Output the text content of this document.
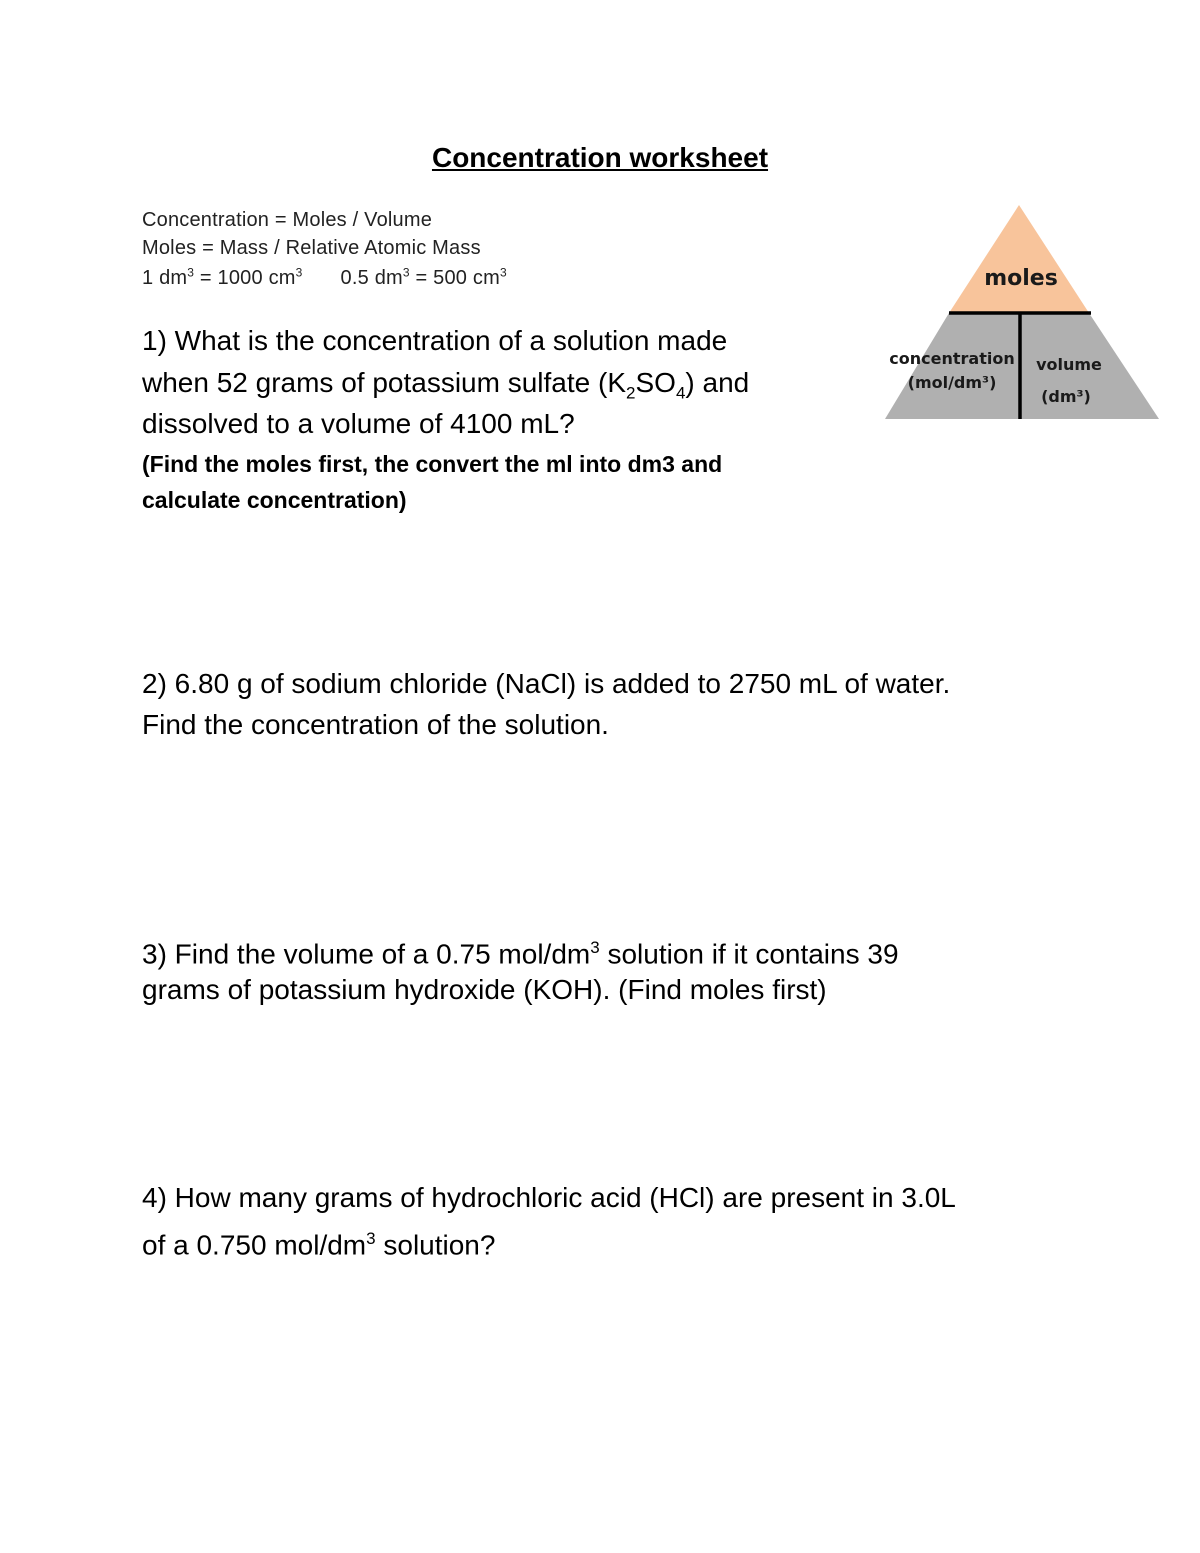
Concentration worksheet
Concentration = Moles / Volume
Moles = Mass / Relative Atomic Mass
1 $dm^3 = 1000$ $cm^3$ 0.5 $dm^3 = 500$ $cm^3$	moles
concentration
(mol/dm³)
volume
(dm³)
1) What is the concentration of a solution made
when 52 grams of potassium sulfate $(K_2SO_4)$ and
dissolved to a volume of 4100 mL?
(Find the moles first, the convert the ml into dm3 and
calculate concentration)
2) 6.80 g of sodium chloride (NaCl) is added to 2750 mL of water.
Find the concentration of the solution.
3) Find the volume of a 0.75 mol/$dm^3$ solution if it contains 39
grams of potassium hydroxide (KOH). (Find moles first)
4) How many grams of hydrochloric acid (HCl) are present in 3.0L
of a 0.750 mol/$dm^3$ solution?
